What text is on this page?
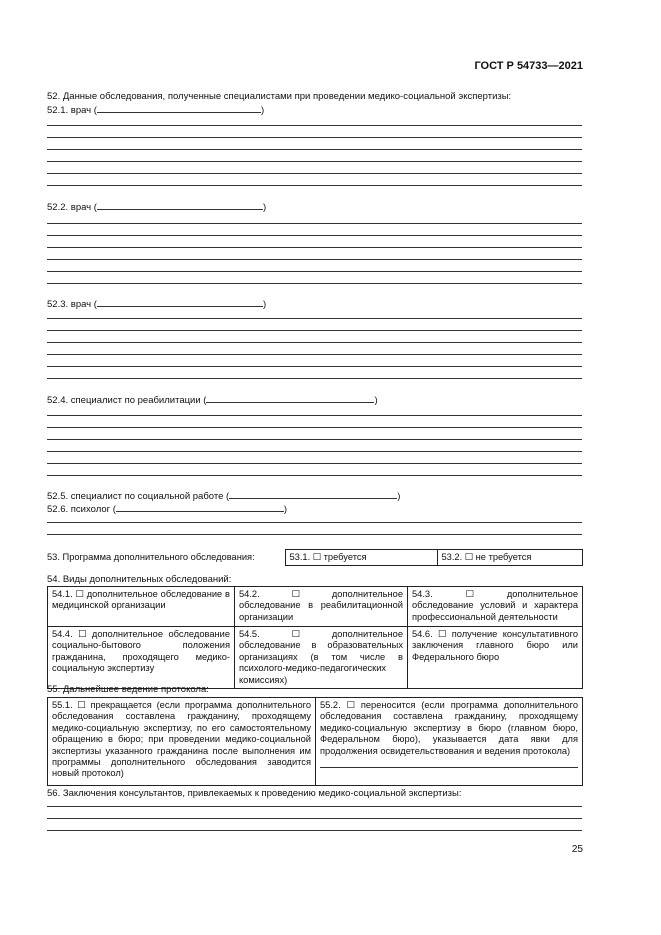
ГОСТ Р 54733—2021
52. Данные обследования, полученные специалистами при проведении медико-социальной экспертизы:
52.1. врач (	)
52.2. врач (	)
52.3. врач (	)
52.4. специалист по реабилитации (	)
52.5. специалист по социальной работе (	)
52.6. психолог (	)
53. Программа дополнительного обследования:	53.1. ☐ требуется	53.2. ☐ не требуется
54. Виды дополнительных обследований:
54.1. ☐ дополнительное обследование в медицинской организации	54.2. ☐ дополнительное обследование в реабилитационной организации	54.3. ☐ дополнительное обследование условий и характера профессиональной деятельности
54.4. ☐ дополнительное обследование социально-бытового положения гражданина, проходящего медико-социальную экспертизу	54.5. ☐ дополнительное обследование в образовательных организациях (в том числе в психолого-медико-педагогических комиссиях)	54.6. ☐ получение консультативного заключения главного бюро или Федерального бюро
55. Дальнейшее ведение протокола:
55.1. ☐ прекращается (если программа дополнительного обследования составлена гражданину, проходящему медико-социальную экспертизу, по его самостоятельному обращению в бюро; при проведении медико-социальной экспертизы указанного гражданина после выполнения им программы дополнительного обследования заводится новый протокол)	
55.2. ☐ переносится (если программа дополнительного обследования составлена гражданину, проходящему медико-социальную экспертизу в бюро (главном бюро, Федеральном бюро), указывается дата явки для продолжения освидетельствования и ведения протокола)
56. Заключения консультантов, привлекаемых к проведению медико-социальной экспертизы:
25
